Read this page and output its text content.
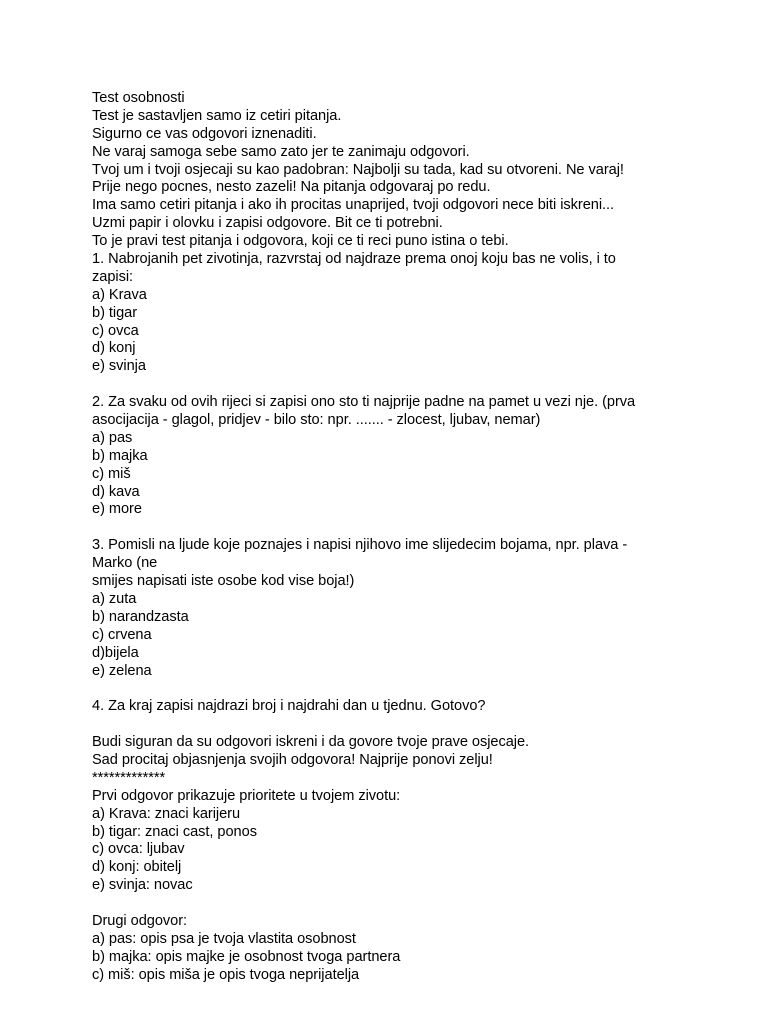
Test osobnosti
Test je sastavljen samo iz cetiri pitanja.
Sigurno ce vas odgovori iznenaditi.
Ne varaj samoga sebe samo zato jer te zanimaju odgovori.
Tvoj um i tvoji osjecaji su kao padobran: Najbolji su tada, kad su otvoreni. Ne varaj!
Prije nego pocnes, nesto zazeli! Na pitanja odgovaraj po redu.
Ima samo cetiri pitanja i ako ih procitas unaprijed, tvoji odgovori nece biti iskreni...
Uzmi papir i olovku i zapisi odgovore. Bit ce ti potrebni.
To je pravi test pitanja i odgovora, koji ce ti reci puno istina o tebi.
1. Nabrojanih pet zivotinja, razvrstaj od najdraze prema onoj koju bas ne volis, i to
zapisi:
a) Krava
b) tigar
c) ovca
d) konj
e) svinja
2. Za svaku od ovih rijeci si zapisi ono sto ti najprije padne na pamet u vezi nje. (prva
asocijacija - glagol, pridjev - bilo sto: npr. ....... - zlocest, ljubav, nemar)
a) pas
b) majka
c) miš
d) kava
e) more
3. Pomisli na ljude koje poznajes i napisi njihovo ime slijedecim bojama, npr. plava -
Marko (ne
smijes napisati iste osobe kod vise boja!)
a) zuta
b) narandzasta
c) crvena
d)bijela
e) zelena
4. Za kraj zapisi najdrazi broj i najdrahi dan u tjednu. Gotovo?
Budi siguran da su odgovori iskreni i da govore tvoje prave osjecaje.
Sad procitaj objasnjenja svojih odgovora! Najprije ponovi zelju!
*************
Prvi odgovor prikazuje prioritete u tvojem zivotu:
a) Krava: znaci karijeru
b) tigar: znaci cast, ponos
c) ovca: ljubav
d) konj: obitelj
e) svinja: novac
Drugi odgovor:
a) pas: opis psa je tvoja vlastita osobnost
b) majka: opis majke je osobnost tvoga partnera
c) miš: opis miša je opis tvoga neprijatelja
